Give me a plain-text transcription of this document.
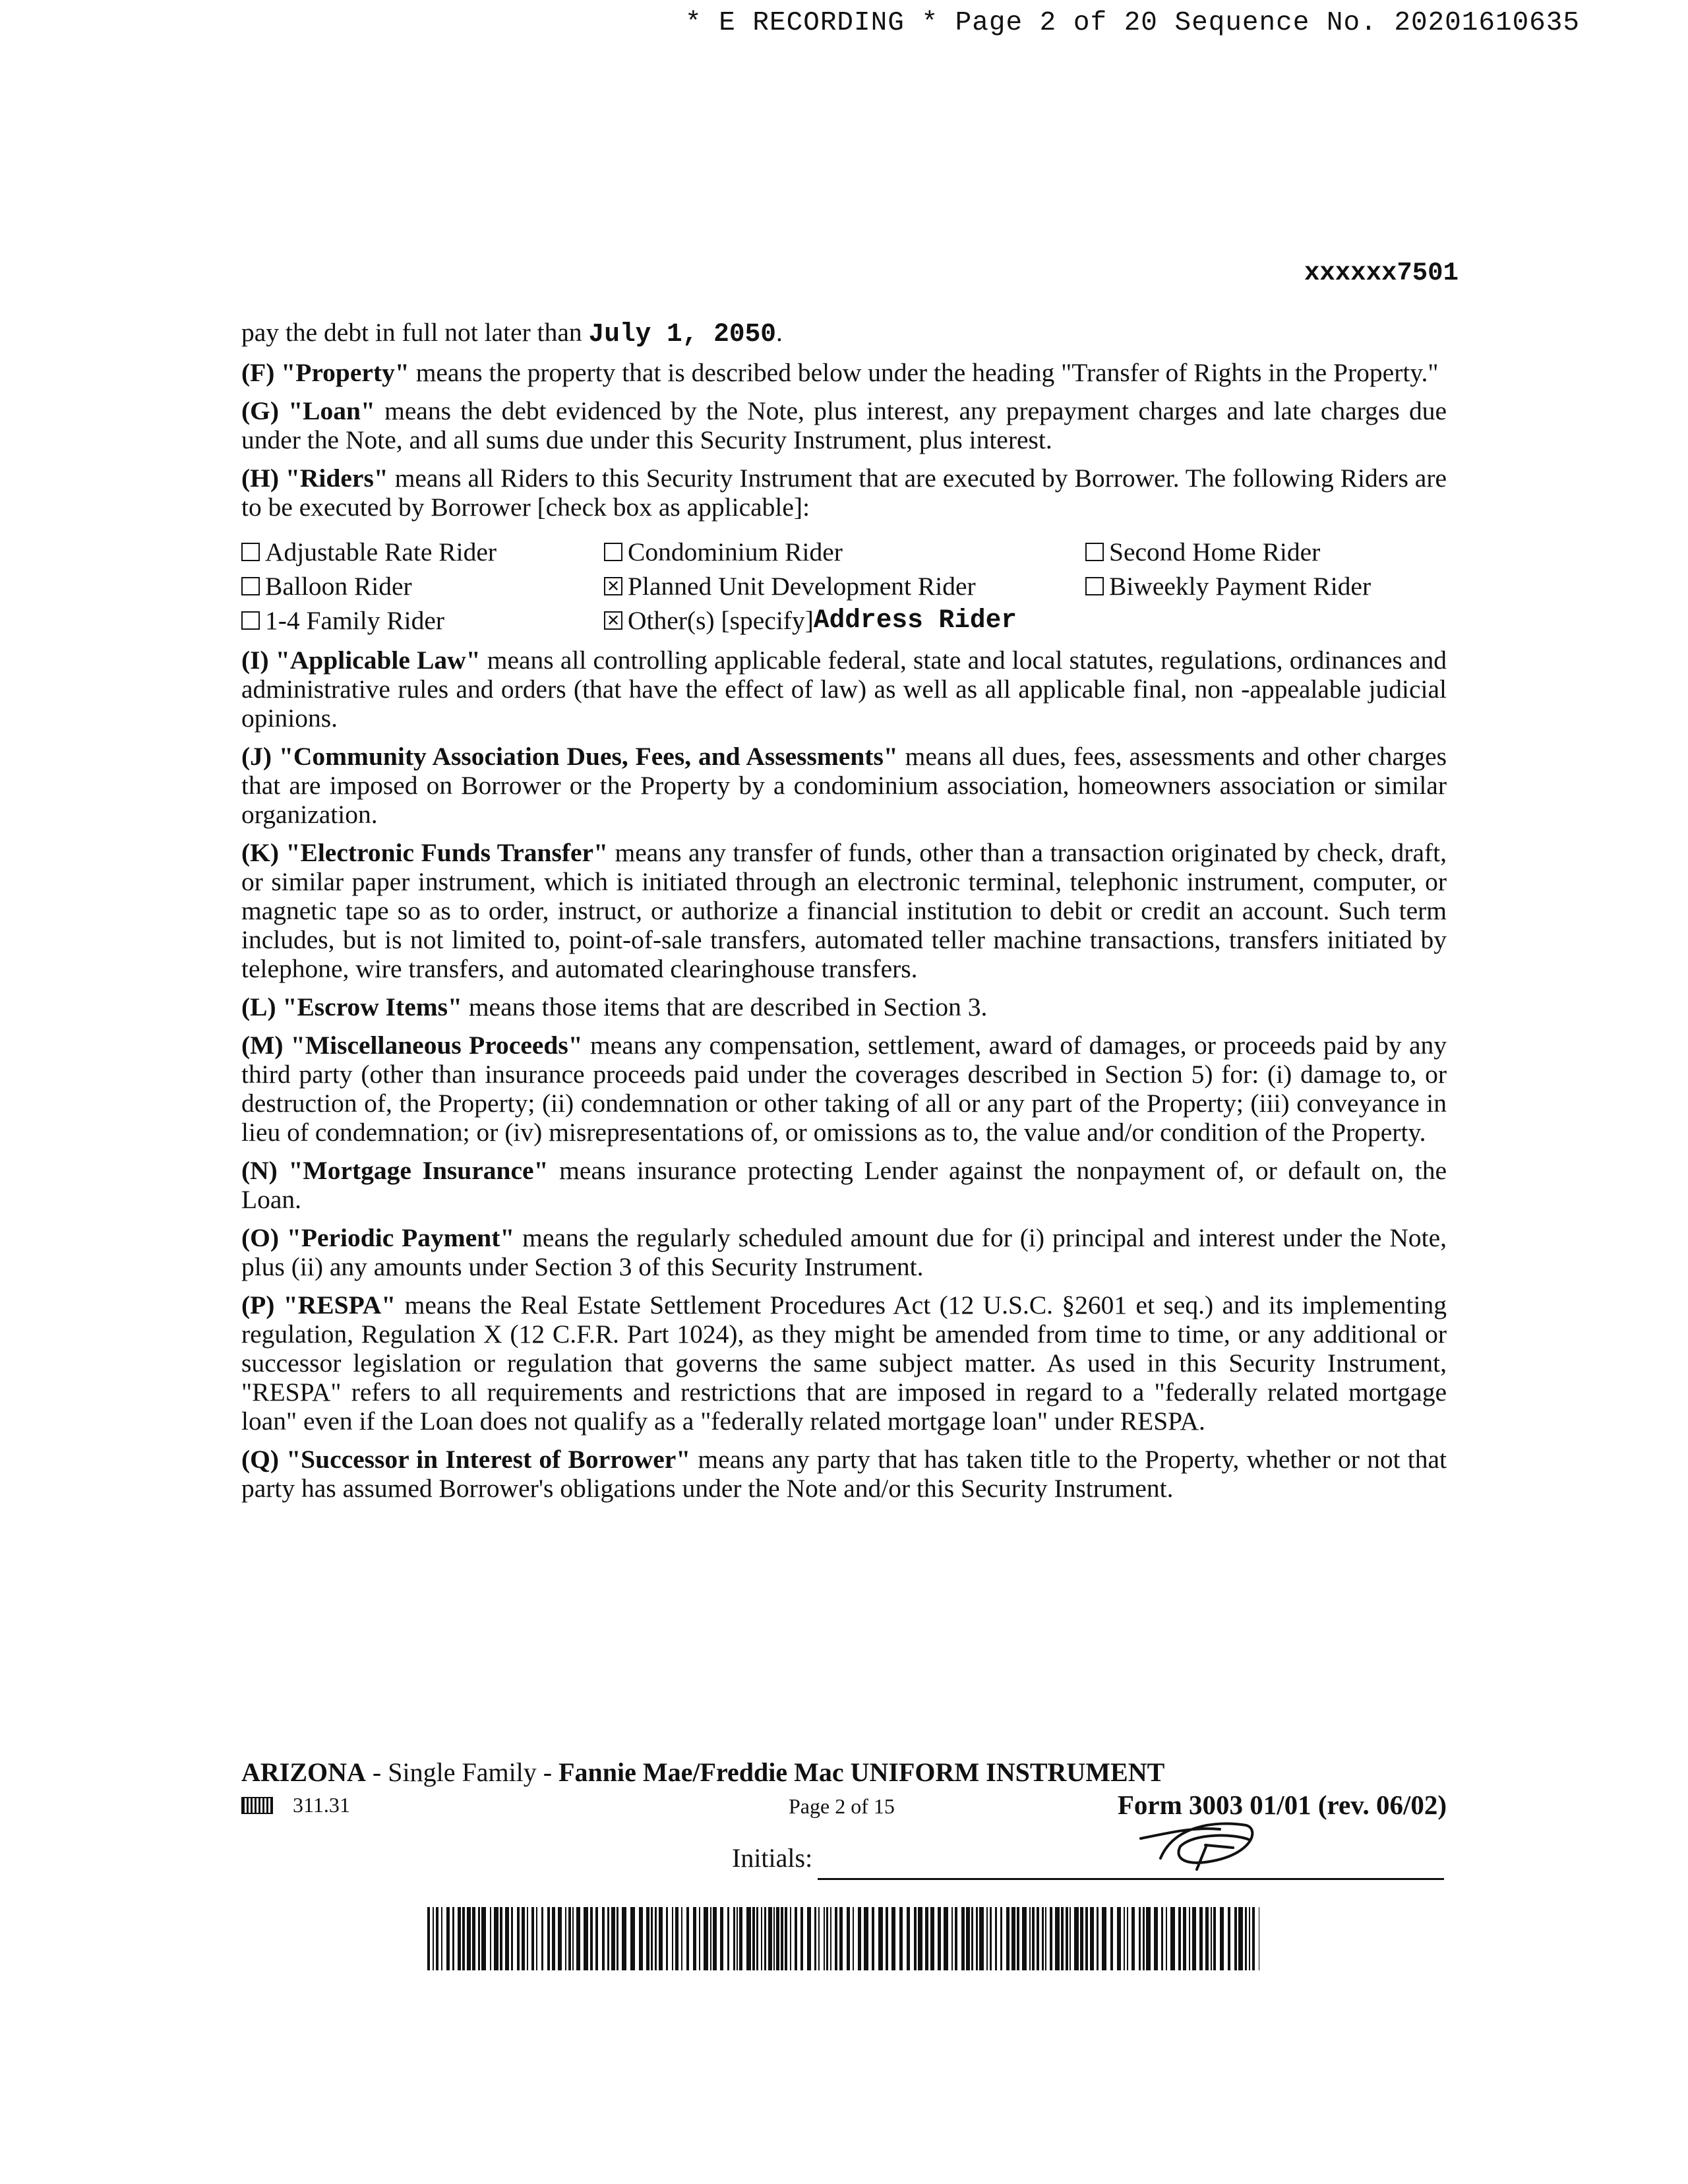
* E RECORDING * Page 2 of 20 Sequence No. 20201610635
xxxxxx7501

pay the debt in full not later than July 1, 2050.

(F) "Property" means the property that is described below under the heading "Transfer of Rights in the Property."

(G) "Loan" means the debt evidenced by the Note, plus interest, any prepayment charges and late charges due under the Note, and all sums due under this Security Instrument, plus interest.

(H) "Riders" means all Riders to this Security Instrument that are executed by Borrower. The following Riders are to be executed by Borrower [check box as applicable]:

Adjustable Rate Rider	Condominium Rider	Second Home Rider
Balloon Rider ✕	Planned Unit Development Rider	Biweekly Payment Rider
1-4 Family Rider ✕	Other(s) [specify] Address Rider

(I) "Applicable Law" means all controlling applicable federal, state and local statutes, regulations, ordinances and administrative rules and orders (that have the effect of law) as well as all applicable final, non -appealable judicial opinions.

(J) "Community Association Dues, Fees, and Assessments" means all dues, fees, assessments and other charges that are imposed on Borrower or the Property by a condominium association, homeowners association or similar organization.

(K) "Electronic Funds Transfer" means any transfer of funds, other than a transaction originated by check, draft, or similar paper instrument, which is initiated through an electronic terminal, telephonic instrument, computer, or magnetic tape so as to order, instruct, or authorize a financial institution to debit or credit an account. Such term includes, but is not limited to, point-of-sale transfers, automated teller machine transactions, transfers initiated by telephone, wire transfers, and automated clearinghouse transfers.

(L) "Escrow Items" means those items that are described in Section 3.

(M) "Miscellaneous Proceeds" means any compensation, settlement, award of damages, or proceeds paid by any third party (other than insurance proceeds paid under the coverages described in Section 5) for: (i) damage to, or destruction of, the Property; (ii) condemnation or other taking of all or any part of the Property; (iii) conveyance in lieu of condemnation; or (iv) misrepresentations of, or omissions as to, the value and/or condition of the Property.

(N) "Mortgage Insurance" means insurance protecting Lender against the nonpayment of, or default on, the Loan.

(O) "Periodic Payment" means the regularly scheduled amount due for (i) principal and interest under the Note, plus (ii) any amounts under Section 3 of this Security Instrument.

(P) "RESPA" means the Real Estate Settlement Procedures Act (12 U.S.C. §2601 et seq.) and its implementing regulation, Regulation X (12 C.F.R. Part 1024), as they might be amended from time to time, or any additional or successor legislation or regulation that governs the same subject matter. As used in this Security Instrument, "RESPA" refers to all requirements and restrictions that are imposed in regard to a "federally related mortgage loan" even if the Loan does not qualify as a "federally related mortgage loan" under RESPA.

(Q) "Successor in Interest of Borrower" means any party that has taken title to the Property, whether or not that party has assumed Borrower's obligations under the Note and/or this Security Instrument.

ARIZONA - Single Family - Fannie Mae/Freddie Mac UNIFORM INSTRUMENT
311.31	Page 2 of 15	Form 3003 01/01 (rev. 06/02)
Initials:
